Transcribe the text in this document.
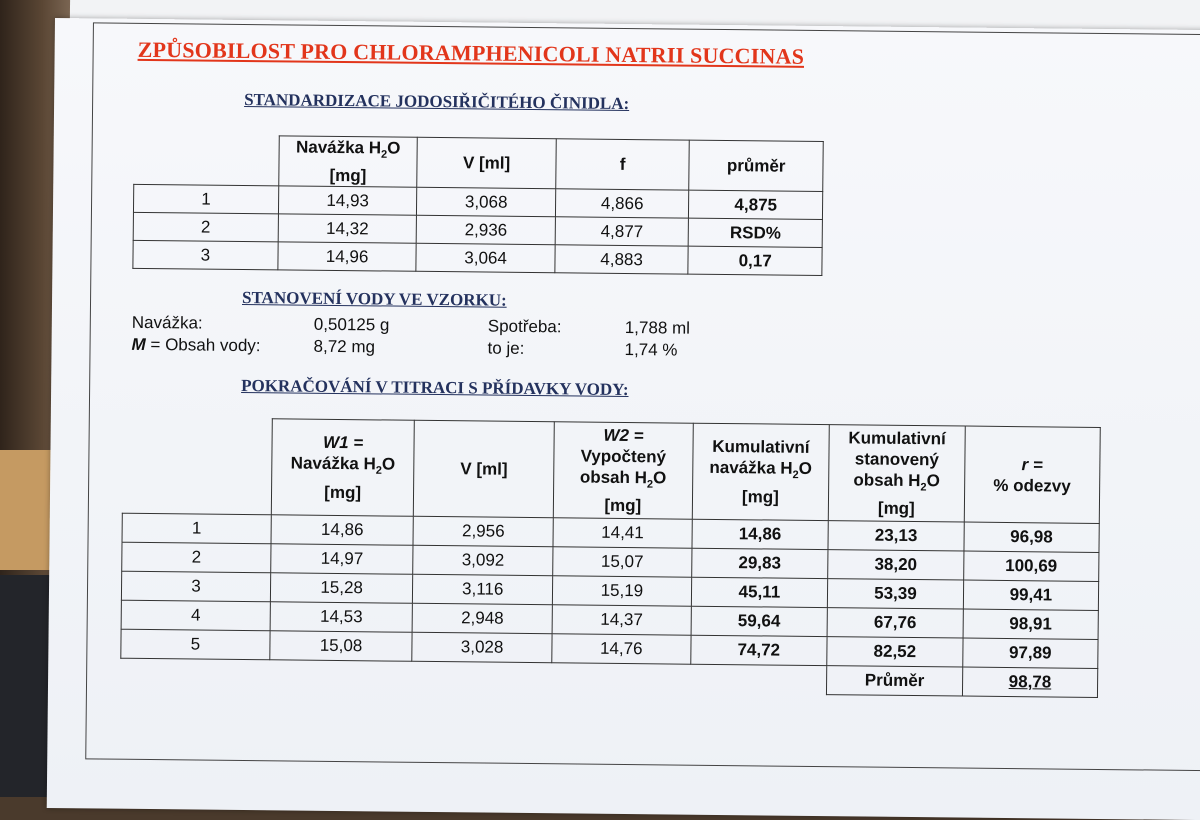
ZPŮSOBILOST PRO CHLORAMPHENICOLI NATRII SUCCINAS
STANDARDIZACE JODOSIŘIČITÉHO ČINIDLA:
	Navážka $H_2O$ [mg]	V [ml]	f	průměr
1	14,93	3,068	4,866	4,875
2	14,32	2,936	4,877	RSD%
3	14,96	3,064	4,883	0,17
STANOVENÍ VODY VE VZORKU:
Navážka:	0,50125 g	Spotřeba:	1,788 ml
M = Obsah vody:	8,72 mg	to je:	1,74 %
POKRAČOVÁNÍ V TITRACI S PŘÍDAVKY VODY:
	W1 =
Navážka $H_2O$
[mg]	V [ml]	W2 =
Vypočtený
obsah $H_2O$
[mg]	Kumulativní
navážka $H_2O$
[mg]	Kumulativní
stanovený
obsah $H_2O$
[mg]	r =
% odezvy
1	14,86	2,956	14,41	14,86	23,13	96,98
2	14,97	3,092	15,07	29,83	38,20	100,69
3	15,28	3,116	15,19	45,11	53,39	99,41
4	14,53	2,948	14,37	59,64	67,76	98,91
5	15,08	3,028	14,76	74,72	82,52	97,89
					Průměr	98,78
